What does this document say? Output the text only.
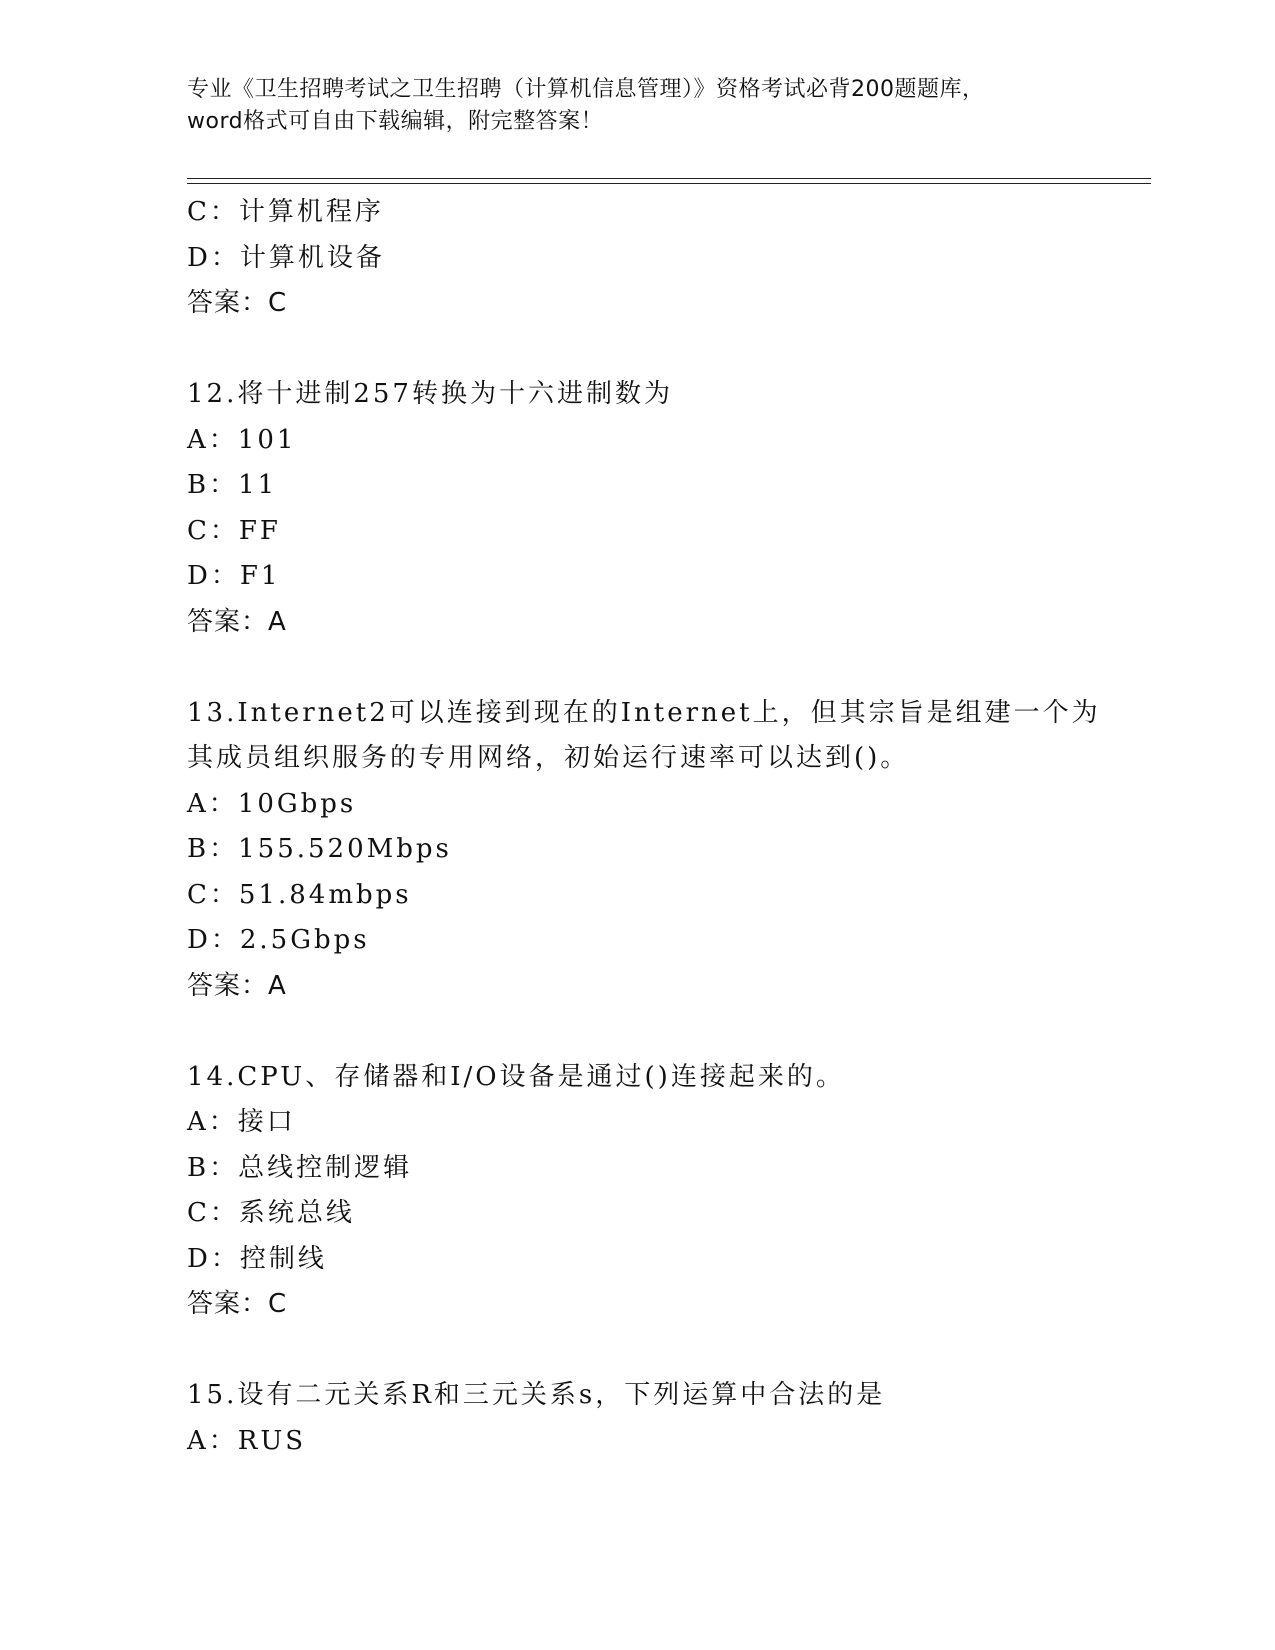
专业《卫生招聘考试之卫生招聘（计算机信息管理）》资格考试必背200题题库，
word格式可自由下载编辑，附完整答案！
C：计算机程序
D：计算机设备
答案：C
12.将十进制257转换为十六进制数为
A：101
B：11
C：FF
D：F1
答案：A
13.Internet2可以连接到现在的Internet上，但其宗旨是组建一个为
其成员组织服务的专用网络，初始运行速率可以达到()。
A：10Gbps
B：155.520Mbps
C：51.84mbps
D：2.5Gbps
答案：A
14.CPU、存储器和I/O设备是通过()连接起来的。
A：接口
B：总线控制逻辑
C：系统总线
D：控制线
答案：C
15.设有二元关系R和三元关系s，下列运算中合法的是
A：RUS
